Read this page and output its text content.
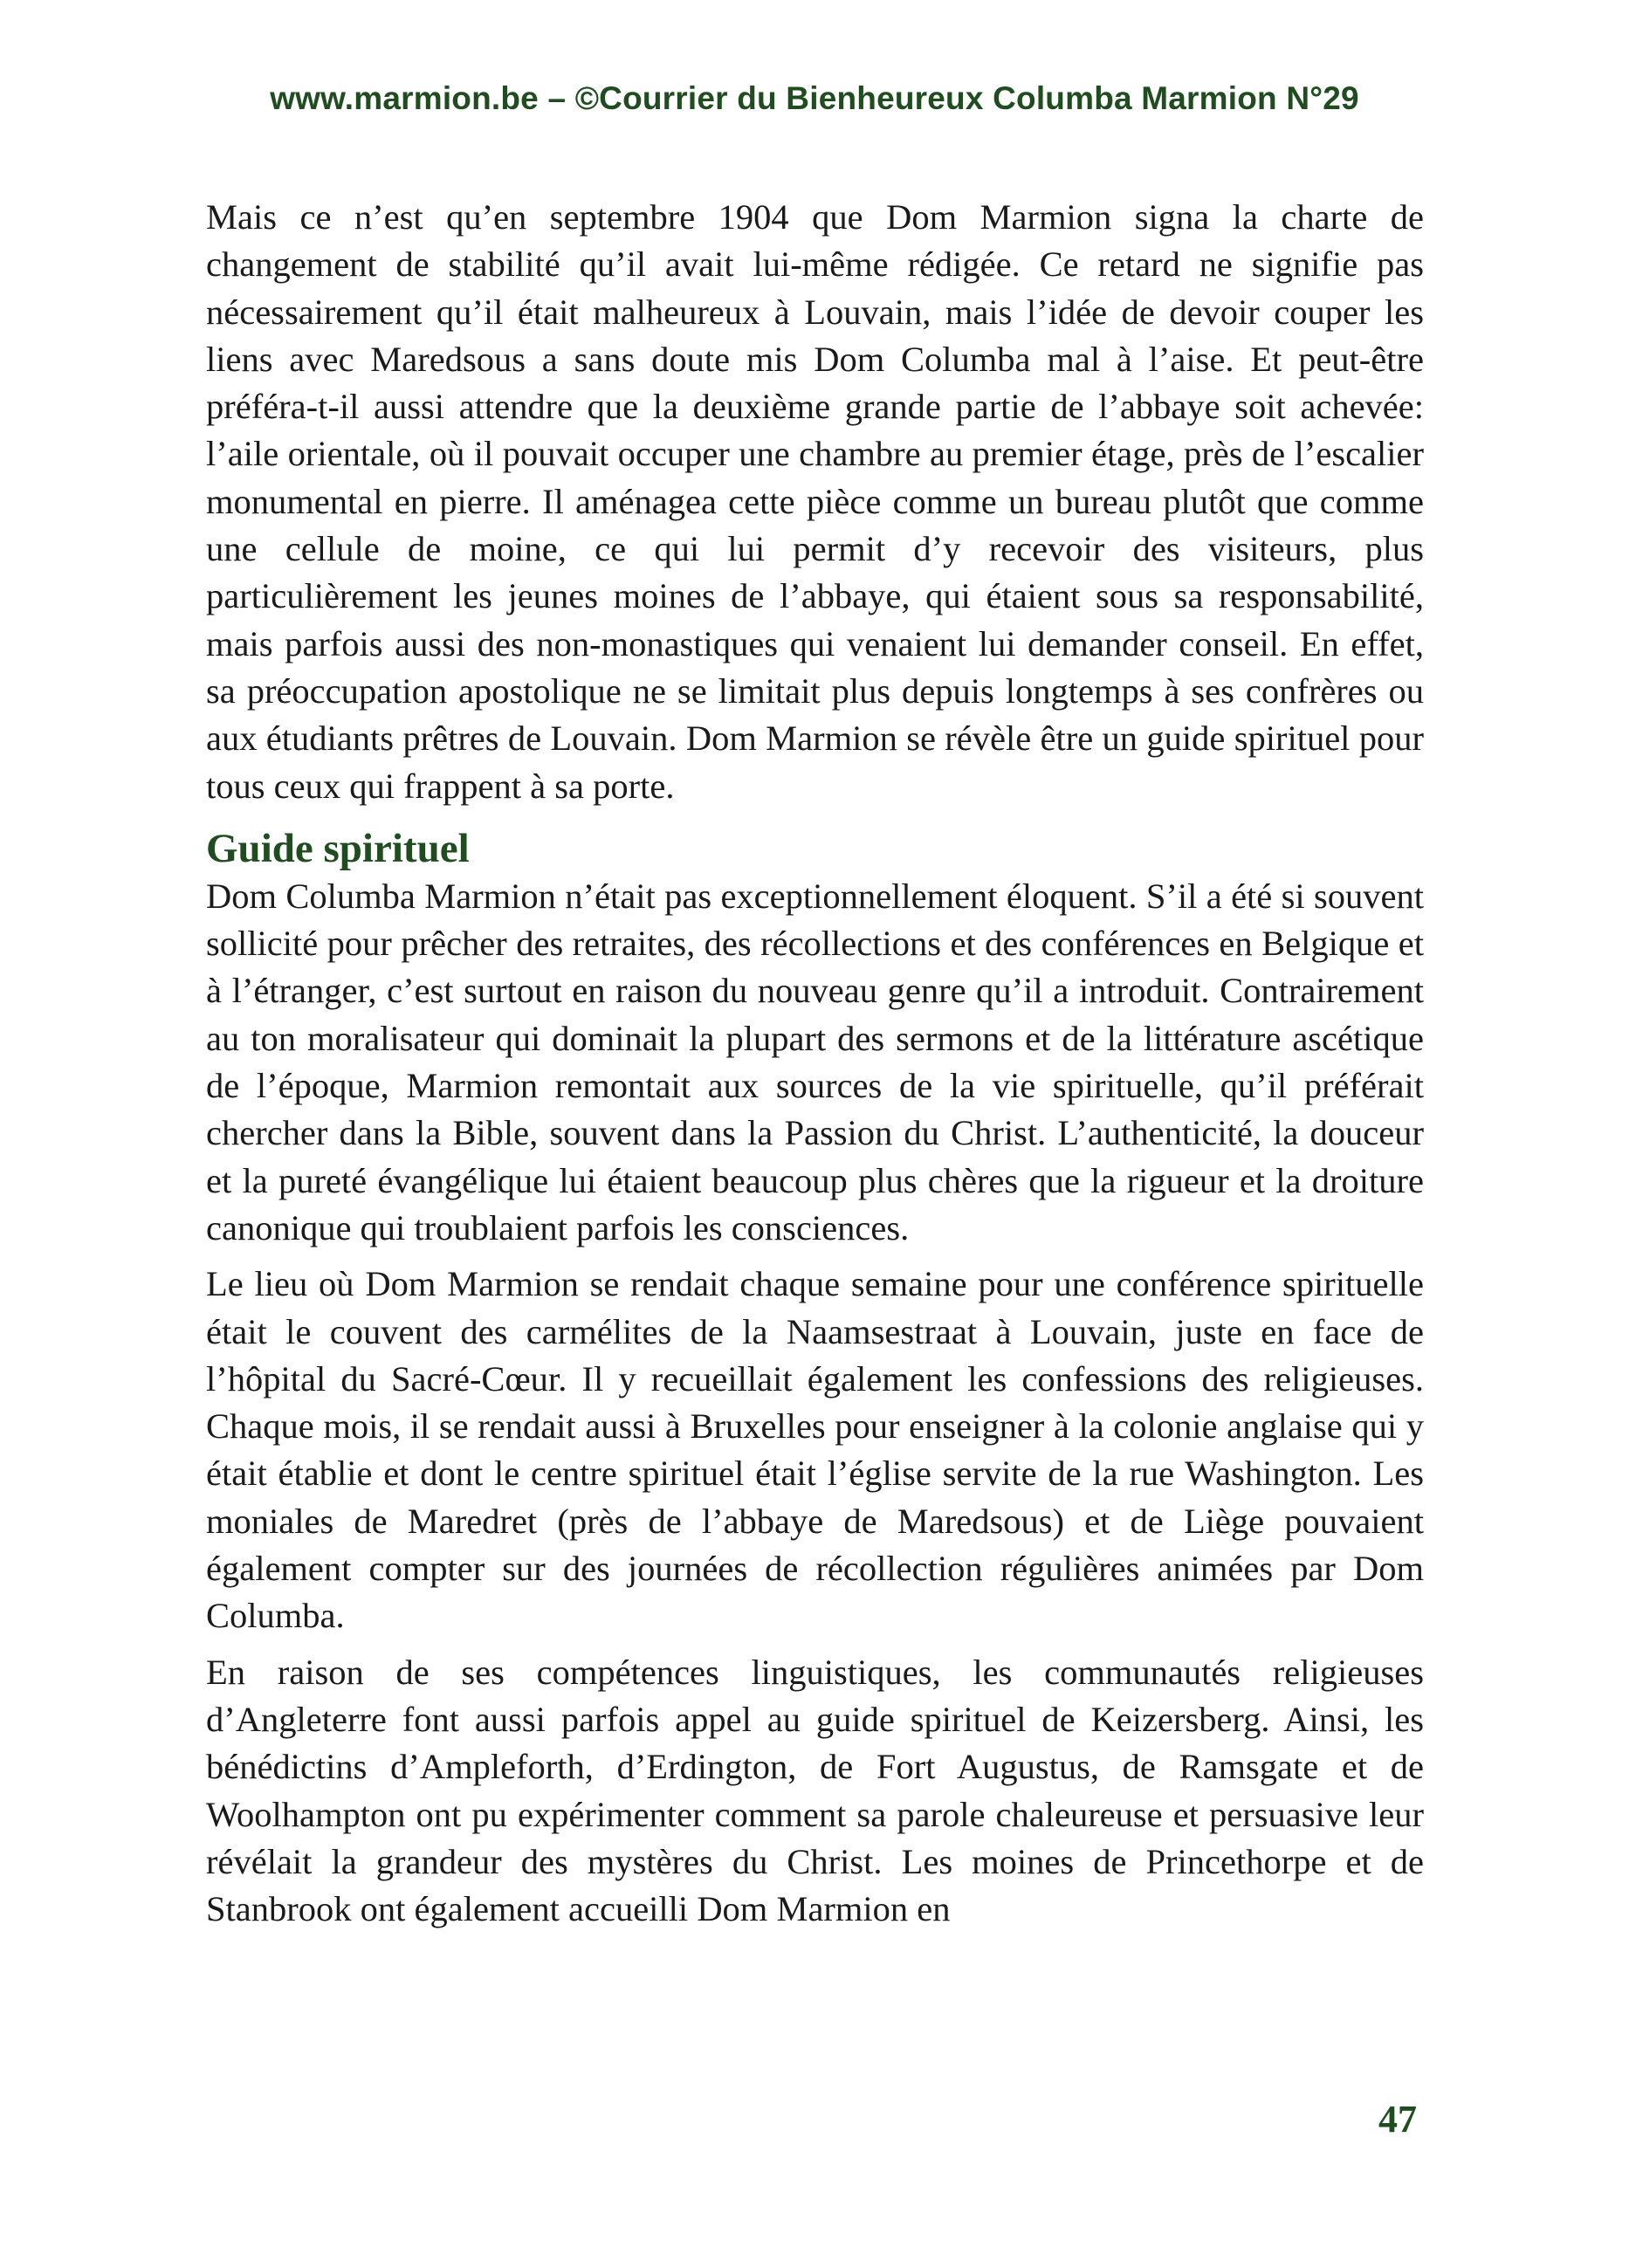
www.marmion.be – ©Courrier du Bienheureux Columba Marmion N°29

Mais ce n’est qu’en septembre 1904 que Dom Marmion signa la charte de changement de stabilité qu’il avait lui-même rédigée. Ce retard ne signifie pas nécessairement qu’il était malheureux à Louvain, mais l’idée de devoir couper les liens avec Maredsous a sans doute mis Dom Columba mal à l’aise. Et peut-être préféra-t-il aussi attendre que la deuxième grande partie de l’abbaye soit achevée: l’aile orientale, où il pouvait occuper une chambre au premier étage, près de l’escalier monumental en pierre. Il aménagea cette pièce comme un bureau plutôt que comme une cellule de moine, ce qui lui permit d’y recevoir des visiteurs, plus particulièrement les jeunes moines de l’abbaye, qui étaient sous sa responsabilité, mais parfois aussi des non-monastiques qui venaient lui demander conseil. En effet, sa préoccupation apostolique ne se limitait plus depuis longtemps à ses confrères ou aux étudiants prêtres de Louvain. Dom Marmion se révèle être un guide spirituel pour tous ceux qui frappent à sa porte.

Guide spirituel

Dom Columba Marmion n’était pas exceptionnellement éloquent. S’il a été si souvent sollicité pour prêcher des retraites, des récollections et des conférences en Belgique et à l’étranger, c’est surtout en raison du nouveau genre qu’il a introduit. Contrairement au ton moralisateur qui dominait la plupart des sermons et de la littérature ascétique de l’époque, Marmion remontait aux sources de la vie spirituelle, qu’il préférait chercher dans la Bible, souvent dans la Passion du Christ. L’authenticité, la douceur et la pureté évangélique lui étaient beaucoup plus chères que la rigueur et la droiture canonique qui troublaient parfois les consciences.

Le lieu où Dom Marmion se rendait chaque semaine pour une conférence spirituelle était le couvent des carmélites de la Naamsestraat à Louvain, juste en face de l’hôpital du Sacré-Cœur. Il y recueillait également les confessions des religieuses. Chaque mois, il se rendait aussi à Bruxelles pour enseigner à la colonie anglaise qui y était établie et dont le centre spirituel était l’église servite de la rue Washington. Les moniales de Maredret (près de l’abbaye de Maredsous) et de Liège pouvaient également compter sur des journées de récollection régulières animées par Dom Columba.

En raison de ses compétences linguistiques, les communautés religieuses d’Angleterre font aussi parfois appel au guide spirituel de Keizersberg. Ainsi, les bénédictins d’Ampleforth, d’Erdington, de Fort Augustus, de Ramsgate et de Woolhampton ont pu expérimenter comment sa parole chaleureuse et persuasive leur révélait la grandeur des mystères du Christ. Les moines de Princethorpe et de Stanbrook ont également accueilli Dom Marmion en

47
